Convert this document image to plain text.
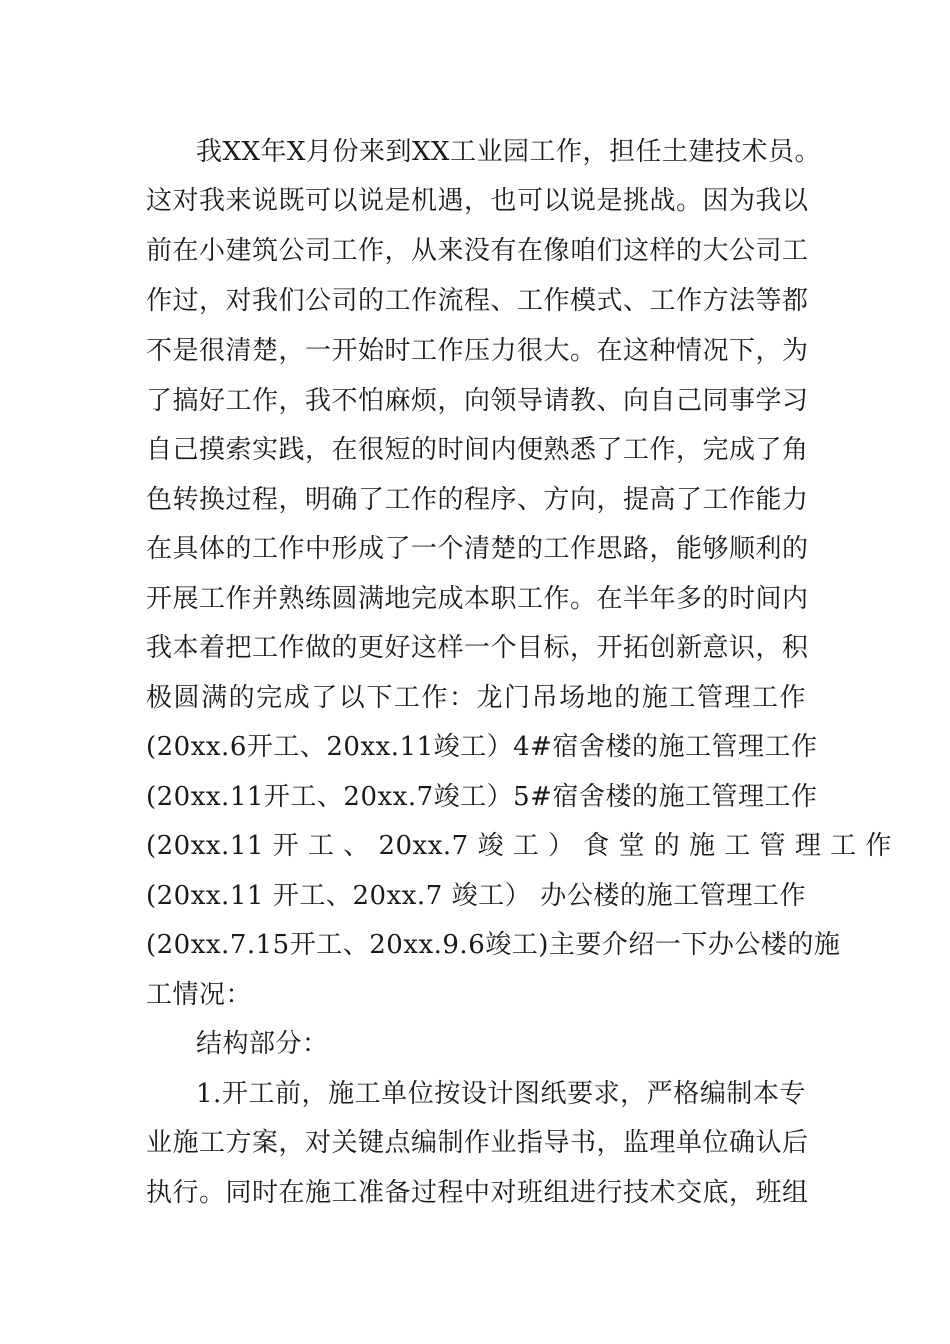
我XX年X月份来到XX工业园工作，担任土建技术员。
这对我来说既可以说是机遇，也可以说是挑战。因为我以
前在小建筑公司工作，从来没有在像咱们这样的大公司工
作过，对我们公司的工作流程、工作模式、工作方法等都
不是很清楚，一开始时工作压力很大。在这种情况下，为
了搞好工作，我不怕麻烦，向领导请教、向自己同事学习
自己摸索实践，在很短的时间内便熟悉了工作，完成了角
色转换过程，明确了工作的程序、方向，提高了工作能力
在具体的工作中形成了一个清楚的工作思路，能够顺利的
开展工作并熟练圆满地完成本职工作。在半年多的时间内
我本着把工作做的更好这样一个目标，开拓创新意识，积
极圆满的完成了以下工作：龙门吊场地的施工管理工作
(20xx.6开工、20xx.11竣工）4#宿舍楼的施工管理工作
(20xx.11开工、20xx.7竣工）5#宿舍楼的施工管理工作
(20xx.11 开 工 、 20xx.7 竣 工 ） 食 堂 的 施 工 管 理 工 作
(20xx.11 开工、20xx.7 竣工） 办公楼的施工管理工作
(20xx.7.15开工、20xx.9.6竣工)主要介绍一下办公楼的施
工情况：
结构部分：
1.开工前，施工单位按设计图纸要求，严格编制本专
业施工方案，对关键点编制作业指导书，监理单位确认后
执行。同时在施工准备过程中对班组进行技术交底，班组
